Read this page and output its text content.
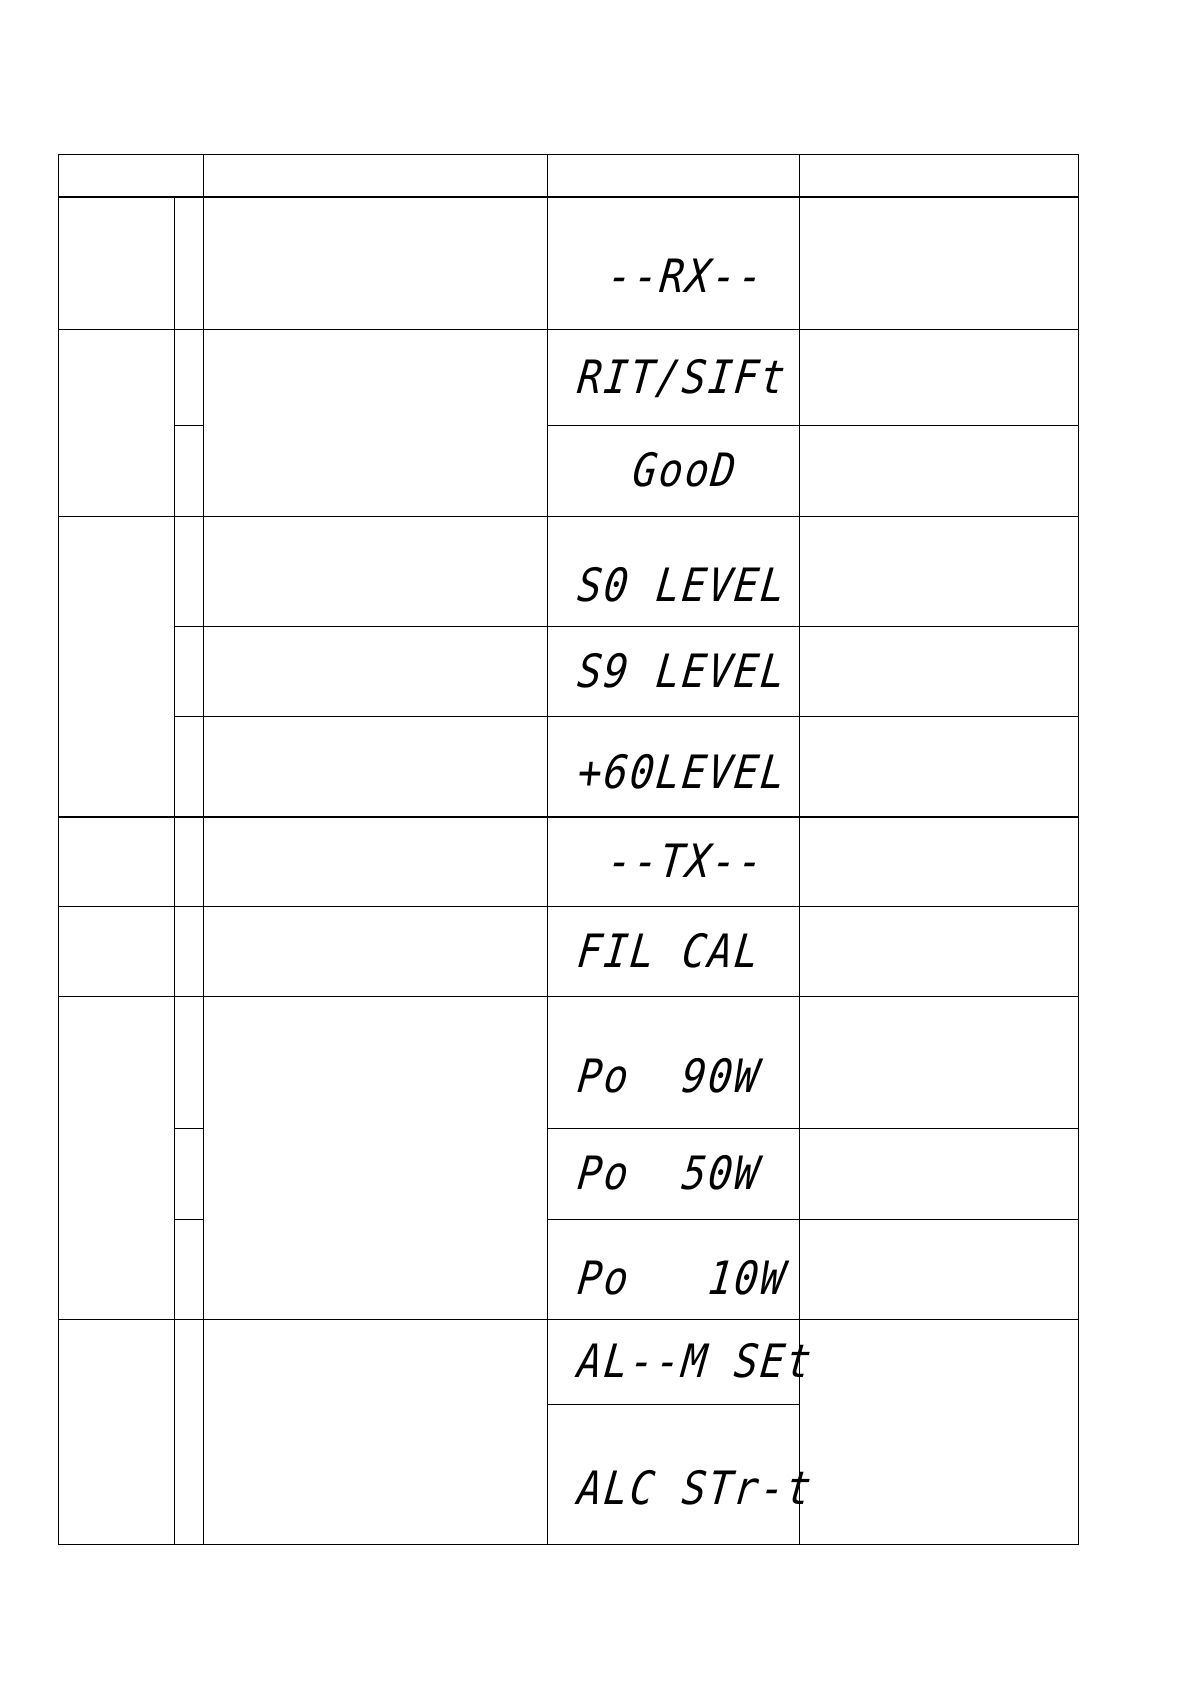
			--RX--	

			RIT/SIFt	

			GooD	

			S0 LEVEL	

			S9 LEVEL	

			+60LEVEL	

			--TX--	

			FIL CAL	

			Po  90W	

			Po  50W	

			Po   10W	

			AL--M SEt	

			ALC STr-t	
